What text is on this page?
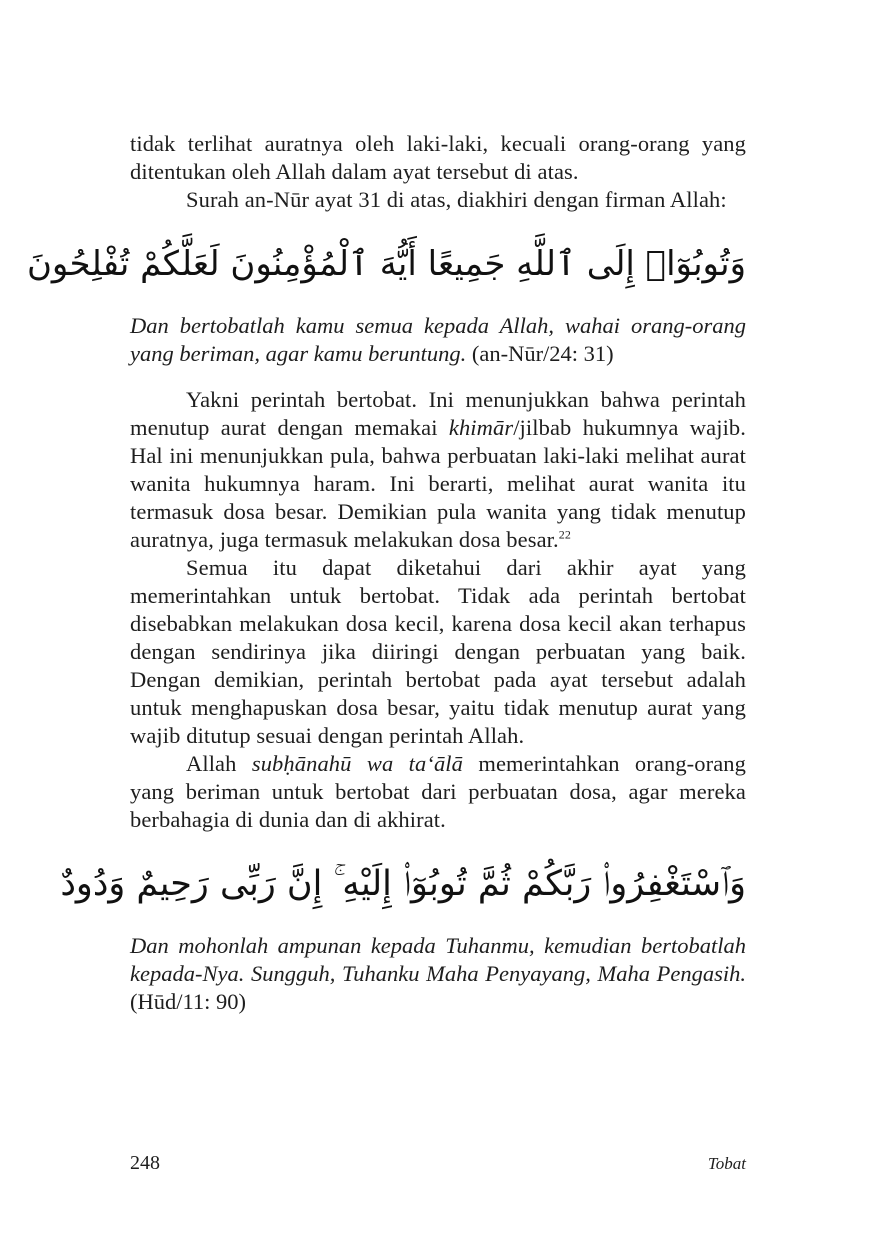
tidak terlihat auratnya oleh laki-laki, kecuali orang-orang yang ditentukan oleh Allah dalam ayat tersebut di atas.

Surah an-Nūr ayat 31 di atas, diakhiri dengan firman Allah:

وَتُوبُوٓا۟ إِلَى ٱللَّهِ جَمِيعًا أَيُّهَ ٱلْمُؤْمِنُونَ لَعَلَّكُمْ تُفْلِحُونَ

Dan bertobatlah kamu semua kepada Allah, wahai orang-orang yang beriman, agar kamu beruntung. (an-Nūr/24: 31)

Yakni perintah bertobat. Ini menunjukkan bahwa perintah menutup aurat dengan memakai khimār/jilbab hukumnya wajib. Hal ini menunjukkan pula, bahwa perbuatan laki-laki melihat aurat wanita hukumnya haram. Ini berarti, melihat aurat wanita itu termasuk dosa besar. Demikian pula wanita yang tidak menutup auratnya, juga termasuk melakukan dosa besar.$^{22}$

Semua itu dapat diketahui dari akhir ayat yang memerintahkan untuk bertobat. Tidak ada perintah bertobat disebabkan melakukan dosa kecil, karena dosa kecil akan terhapus dengan sendirinya jika diiringi dengan perbuatan yang baik. Dengan demikian, perintah bertobat pada ayat tersebut adalah untuk menghapuskan dosa besar, yaitu tidak menutup aurat yang wajib ditutup sesuai dengan perintah Allah.

Allah subḥānahū wa ta‘ālā memerintahkan orang-orang yang beriman untuk bertobat dari perbuatan dosa, agar mereka berbahagia di dunia dan di akhirat.

وَٱسْتَغْفِرُوا۟ رَبَّكُمْ ثُمَّ تُوبُوٓا۟ إِلَيْهِ ۚ إِنَّ رَبِّى رَحِيمٌ وَدُودٌ

Dan mohonlah ampunan kepada Tuhanmu, kemudian bertobatlah kepada-Nya. Sungguh, Tuhanku Maha Penyayang, Maha Pengasih. (Hūd/11: 90)

248	Tobat
